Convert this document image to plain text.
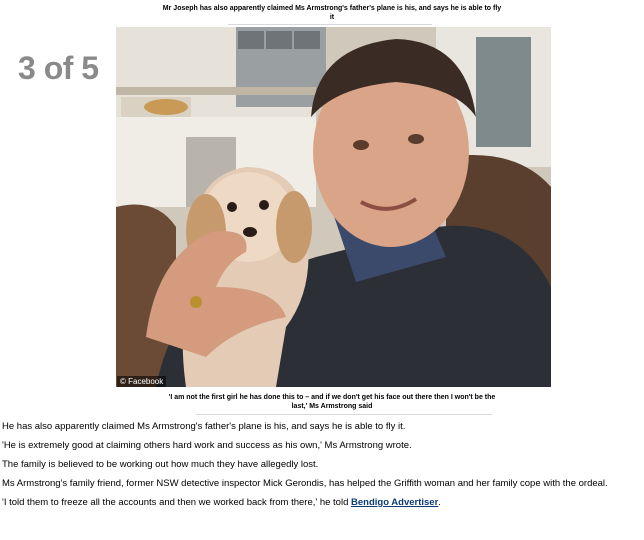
Mr Joseph has also apparently claimed Ms Armstrong's father's plane is his, and says he is able to fly it
3 of 5
© Facebook
'I am not the first girl he has done this to – and if we don't get his face out there then I won't be the last,' Ms Armstrong said

He has also apparently claimed Ms Armstrong's father's plane is his, and says he is able to fly it.

'He is extremely good at claiming others hard work and success as his own,' Ms Armstrong wrote.

The family is believed to be working out how much they have allegedly lost.

Ms Armstrong's family friend, former NSW detective inspector Mick Gerondis, has helped the Griffith woman and her family cope with the ordeal.

'I told them to freeze all the accounts and then we worked back from there,' he told Bendigo Advertiser.
